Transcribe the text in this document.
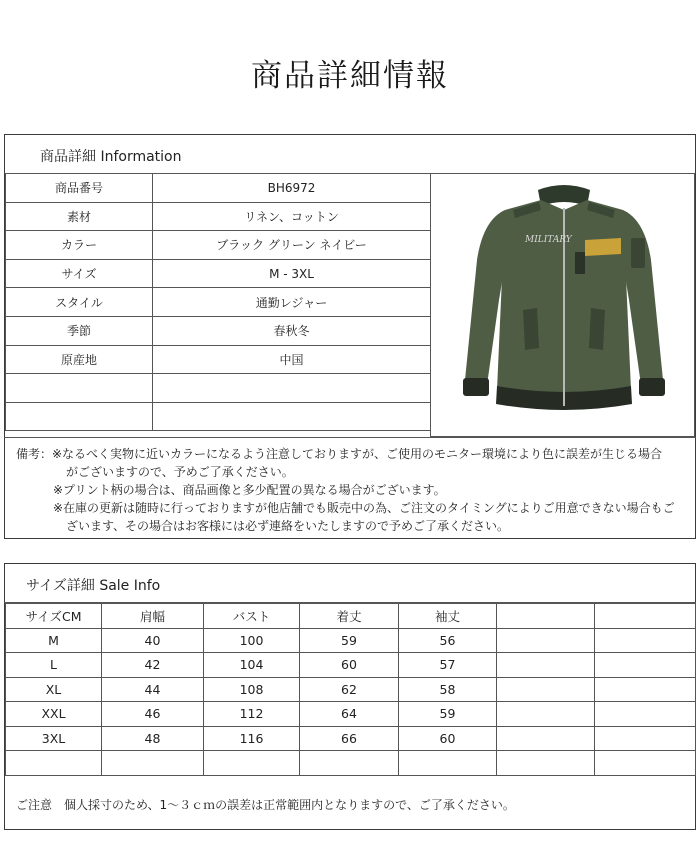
商品詳細情報
商品詳細 Information
商品番号	BH6972
素材	リネン、コットン
カラー	ブラック グリーン ネイビー
サイズ	M - 3XL
スタイル	通勤レジャー
季節	春秋冬
原産地	中国

MILITARY
備考：※なるべく実物に近いカラーになるよう注意しておりますが、ご使用のモニター環境により色に誤差が生じる場合
がございますので、予めご了承ください。
※プリント柄の場合は、商品画像と多少配置の異なる場合がございます。
※在庫の更新は随時に行っておりますが他店舗でも販売中の為、ご注文のタイミングによりご用意できない場合もご
ざいます、その場合はお客様には必ず連絡をいたしますので予めご了承ください。
サイズ詳細 Sale Info
サイズCM	肩幅	バスト	着丈	袖丈		
M	40	100	59	56		
L	42	104	60	57		
XL	44	108	62	58		
XXL	46	112	64	59		
3XL	48	116	66	60		

ご注意　個人採寸のため、1～３ｃｍの誤差は正常範囲内となりますので、ご了承ください。
